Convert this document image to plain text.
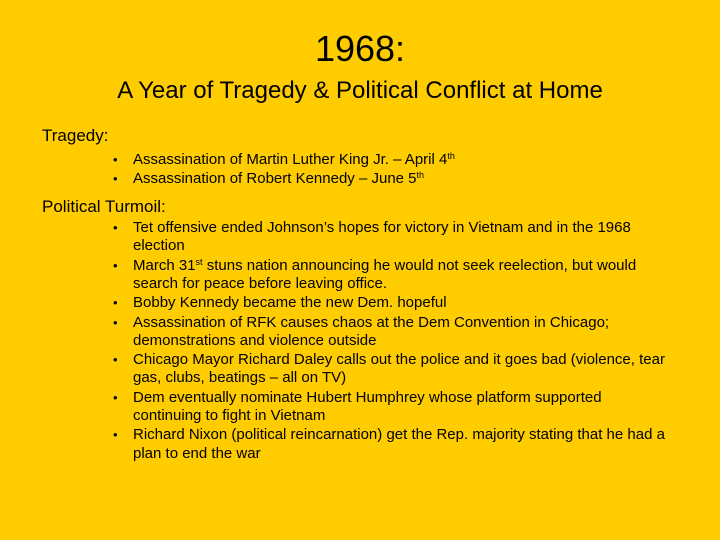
1968:
A Year of Tragedy & Political Conflict at Home
Tragedy:
• Assassination of Martin Luther King Jr. – April 4th
• Assassination of Robert Kennedy – June 5th
Political Turmoil:
• Tet offensive ended Johnson’s hopes for victory in Vietnam and in the 1968 election
• March 31st stuns nation announcing he would not seek reelection, but would search for peace before leaving office.
• Bobby Kennedy became the new Dem. hopeful
• Assassination of RFK causes chaos at the Dem Convention in Chicago; demonstrations and violence outside
• Chicago Mayor Richard Daley calls out the police and it goes bad (violence, tear gas, clubs, beatings – all on TV)
• Dem eventually nominate Hubert Humphrey whose platform supported continuing to fight in Vietnam
• Richard Nixon (political reincarnation) get the Rep. majority stating that he had a plan to end the war
